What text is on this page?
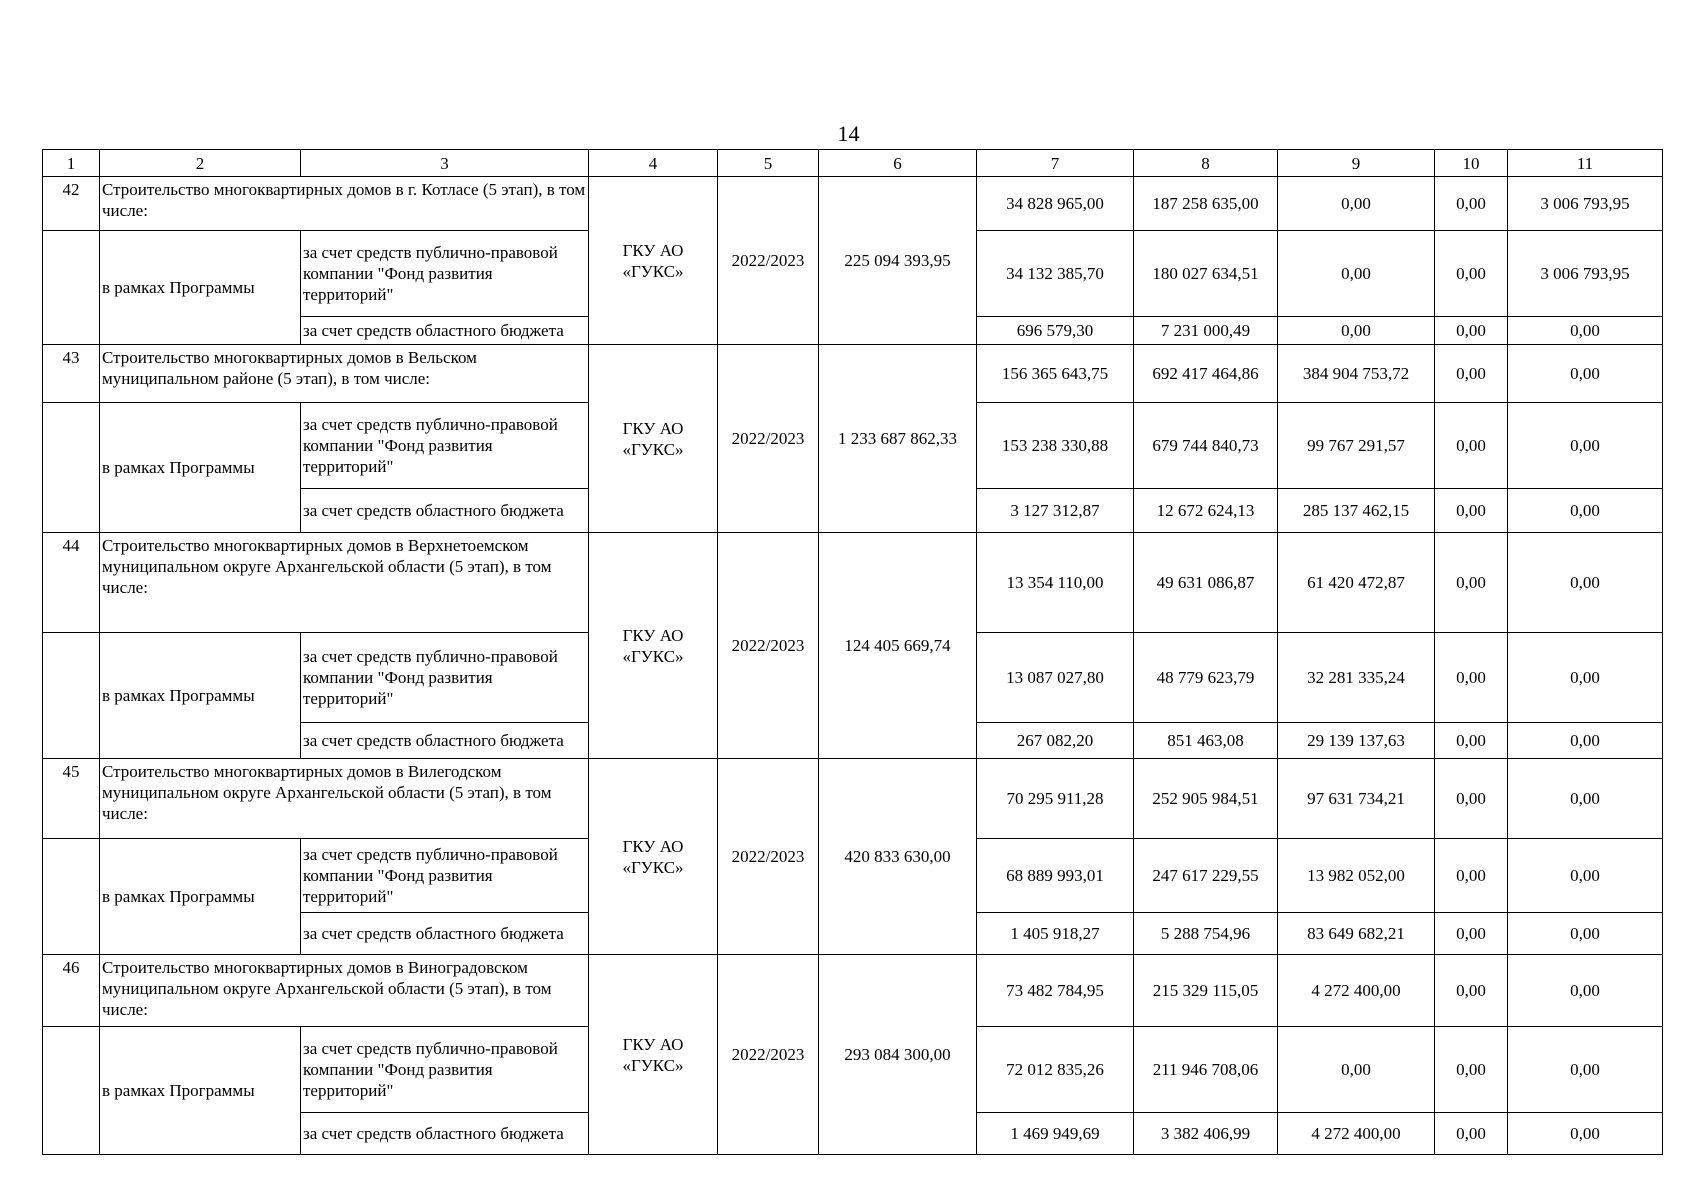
14
1	2	3	4	5	6	7	8	9	10	11
42	Строительство многоквартирных домов в г. Котласе (5 этап), в том числе:		ГКУ АО «ГУКС»	2022/2023	225 094 393,95	34 828 965,00	187 258 635,00	0,00	0,00	3 006 793,95
	в рамках Программы	за счет средств публично-правовой компании "Фонд развития территорий"				34 132 385,70	180 027 634,51	0,00	0,00	3 006 793,95
		за счет средств областного бюджета				696 579,30	7 231 000,49	0,00	0,00	0,00
43	Строительство многоквартирных домов в Вельском муниципальном районе (5 этап), в том числе:		ГКУ АО «ГУКС»	2022/2023	1 233 687 862,33	156 365 643,75	692 417 464,86	384 904 753,72	0,00	0,00
	в рамках Программы	за счет средств публично-правовой компании "Фонд развития территорий"				153 238 330,88	679 744 840,73	99 767 291,57	0,00	0,00
		за счет средств областного бюджета				3 127 312,87	12 672 624,13	285 137 462,15	0,00	0,00
44	Строительство многоквартирных домов в Верхнетоемском муниципальном округе Архангельской области (5 этап), в том числе:		ГКУ АО «ГУКС»	2022/2023	124 405 669,74	13 354 110,00	49 631 086,87	61 420 472,87	0,00	0,00
	в рамках Программы	за счет средств публично-правовой компании "Фонд развития территорий"				13 087 027,80	48 779 623,79	32 281 335,24	0,00	0,00
		за счет средств областного бюджета				267 082,20	851 463,08	29 139 137,63	0,00	0,00
45	Строительство многоквартирных домов в Вилегодском муниципальном округе Архангельской области (5 этап), в том числе:		ГКУ АО «ГУКС»	2022/2023	420 833 630,00	70 295 911,28	252 905 984,51	97 631 734,21	0,00	0,00
	в рамках Программы	за счет средств публично-правовой компании "Фонд развития территорий"				68 889 993,01	247 617 229,55	13 982 052,00	0,00	0,00
		за счет средств областного бюджета				1 405 918,27	5 288 754,96	83 649 682,21	0,00	0,00
46	Строительство многоквартирных домов в Виноградовском муниципальном округе Архангельской области (5 этап), в том числе:		ГКУ АО «ГУКС»	2022/2023	293 084 300,00	73 482 784,95	215 329 115,05	4 272 400,00	0,00	0,00
	в рамках Программы	за счет средств публично-правовой компании "Фонд развития территорий"				72 012 835,26	211 946 708,06	0,00	0,00	0,00
		за счет средств областного бюджета				1 469 949,69	3 382 406,99	4 272 400,00	0,00	0,00
